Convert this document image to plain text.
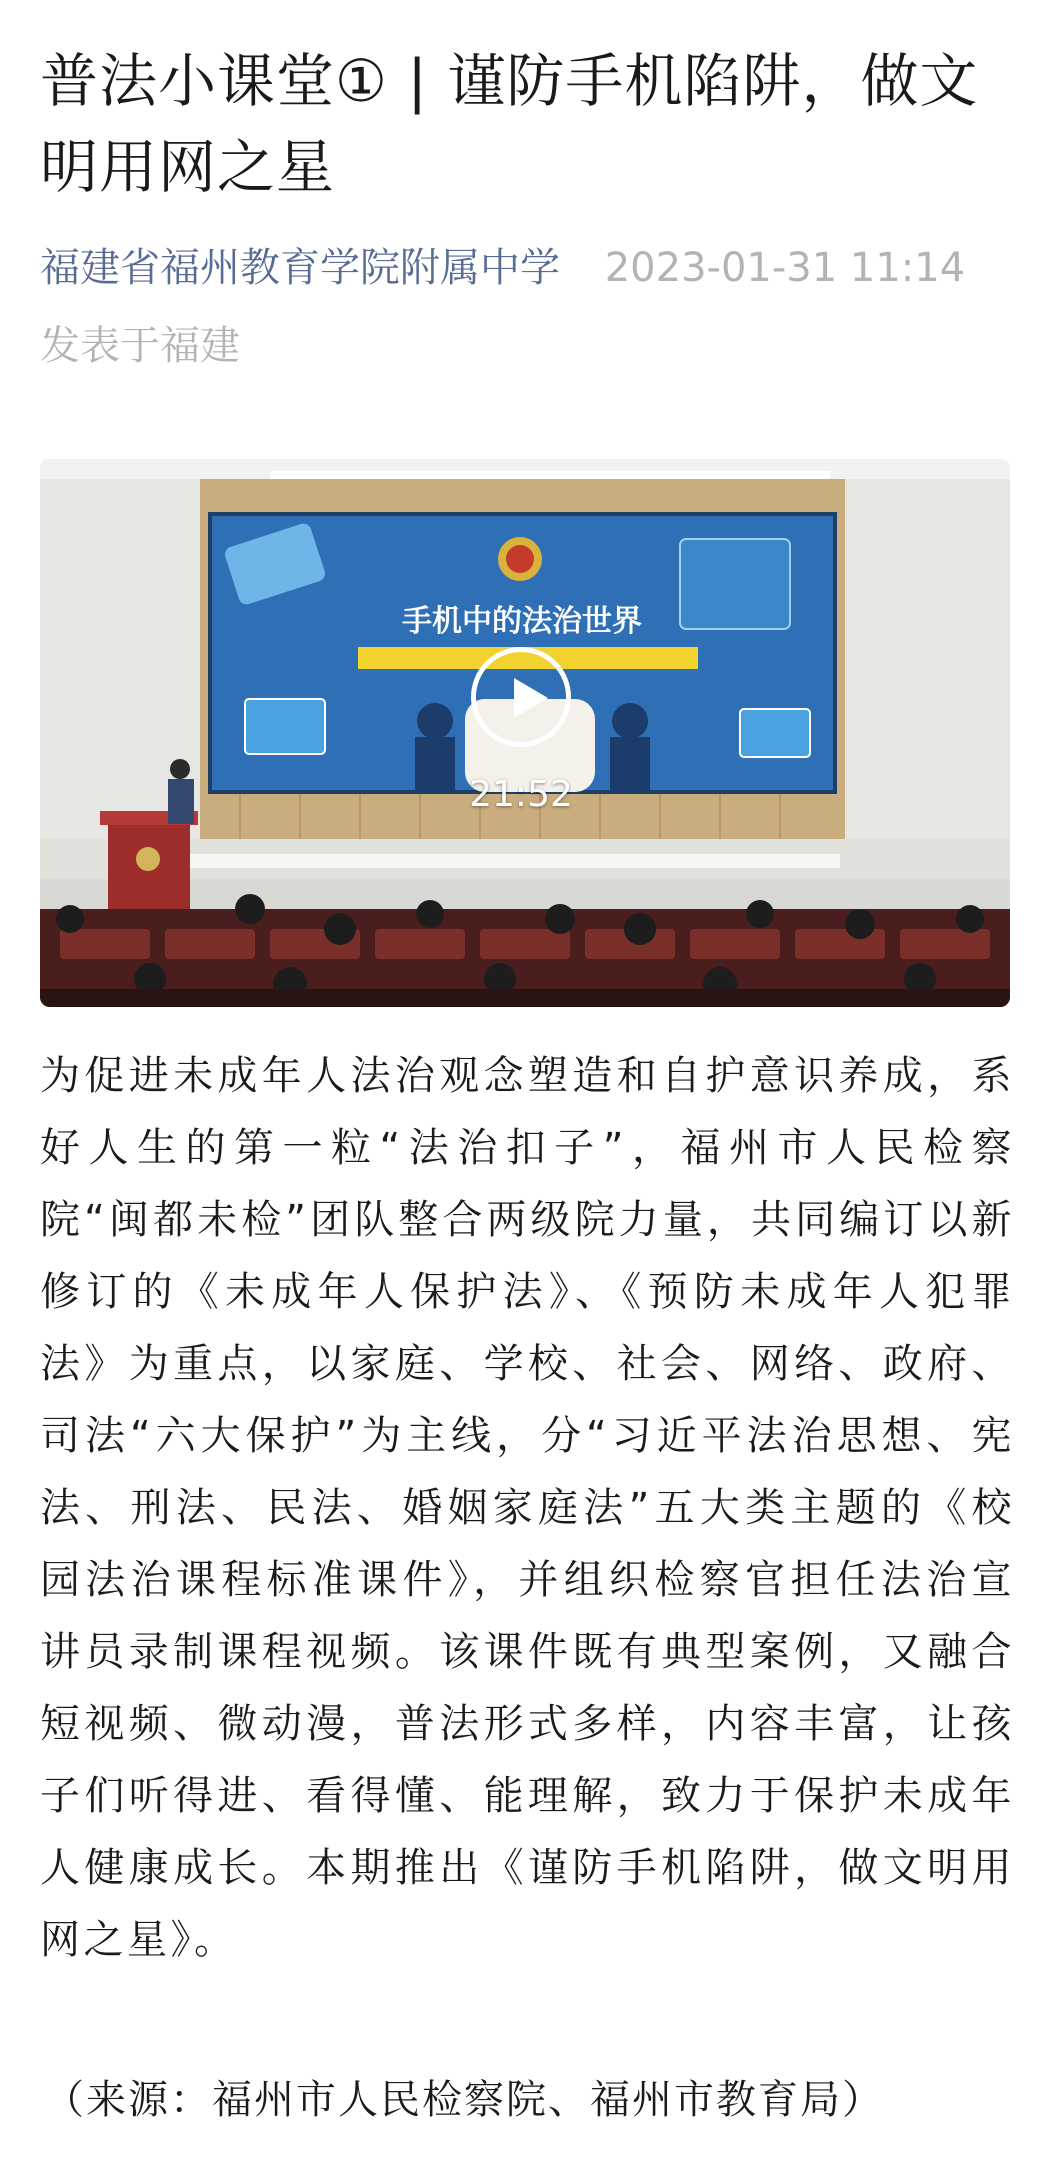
普法小课堂① | 谨防手机陷阱，做文明用网之星
福建省福州教育学院附属中学 2023-01-31 11:14
发表于福建
手机中的法治世界
21:52

为促进未成年人法治观念塑造和自护意识养成，系好人生的第一粒“法治扣子”，福州市人民检察院“闽都未检”团队整合两级院力量，共同编订以新修订的《未成年人保护法》、《预防未成年人犯罪法》为重点，以家庭、学校、社会、网络、政府、司法“六大保护”为主线，分“习近平法治思想、宪法、刑法、民法、婚姻家庭法”五大类主题的《校园法治课程标准课件》，并组织检察官担任法治宣讲员录制课程视频。该课件既有典型案例，又融合短视频、微动漫，普法形式多样，内容丰富，让孩子们听得进、看得懂、能理解，致力于保护未成年人健康成长。本期推出《谨防手机陷阱，做文明用网之星》。

（来源：福州市人民检察院、福州市教育局）
